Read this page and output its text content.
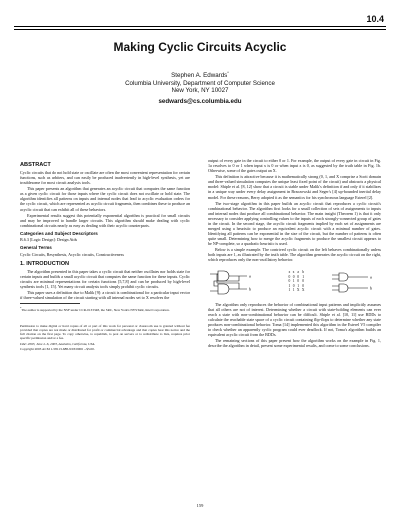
10.4
Making Cyclic Circuits Acyclic
Stephen A. Edwards*
Columbia University, Department of Computer Science
New York, NY 10027
sedwards@cs.columbia.edu
ABSTRACT

Cyclic circuits that do not hold state or oscillate are often the most convenient representation for certain functions, such as arbiters, and can easily be produced inadvertently in high-level synthesis, yet are troublesome for most circuit analysis tools.

This paper presents an algorithm that generates an acyclic circuit that computes the same function as a given cyclic circuit for those inputs where the cyclic circuit does not oscillate or hold state. The algorithm identifies all patterns on inputs and internal nodes that lead to acyclic evaluation orders for the cyclic circuit, which are represented as acyclic circuit fragments, then combines these to produce an acyclic circuit that can exhibit all of these behaviors.

Experimental results suggest this potentially exponential algorithm is practical for small circuits and may be improved to handle larger circuits. This algorithm should make dealing with cyclic combinational circuits nearly as easy as dealing with their acyclic counterparts.

Categories and Subject Descriptors

B.6.3 [Logic Design]: Design Aids

General Terms

Cyclic Circuits, Resynthesis, Acyclic circuits, Constructiveness

1. INTRODUCTION

The algorithm presented in this paper takes a cyclic circuit that neither oscillates nor holds state for certain inputs and builds a small acyclic circuit that computes the same function for these inputs. Cyclic circuits are minimal representations for certain functions [5,7,8] and can be produced by high-level synthesis tools [1, 15]. Yet many circuit analysis tools simply prohibit cyclic circuits.

This paper uses a definition due to Malik [9]: a circuit is combinational for a particular input vector if three-valued simulation of the circuit starting with all internal nodes set to X resolves the

*The author is supported by the NSF under CCR-0133348, the SRC, New York's NYSTAR, Intel Corporation.

Permission to make digital or hard copies of all or part of this work for personal or classroom use is granted without fee provided that copies are not made or distributed for profit or commercial advantage and that copies bear this notice and the full citation on the first page. To copy otherwise, to republish, to post on servers or to redistribute to lists, requires prior specific permission and/or a fee.

DAC 2003, June 2–6, 2003, Anaheim, California, USA.

Copyright 2003 ACM 1-58113-688-9/03/0006 ...$5.00.

output of every gate in the circuit to either 0 or 1. For example, the output of every gate in circuit in Fig. 1a resolves to 0 or 1 when input x is 0 or when input z is 0, as suggested by the truth table in Fig. 1b. Otherwise, some of the gates output an X.

This definition is attractive because it is mathematically strong (0, 1, and X comprise a Scott domain and three-valued simulation computes the unique least fixed point of the circuit) and abstracts a physical model: Shiple et al. [8, 12] show that a circuit is stable under Malik's definition if and only if it stabilizes in a unique way under every delay assignment in Brzozowski and Seger's [4] up-bounded inertial delay model. For these reasons, Berry adopted it as the semantics for his synchronous language Esterel [2].

The two-stage algorithm in this paper builds an acyclic circuit that reproduces a cyclic circuit's combinational behavior. The algorithm first looks for a small collection of sets of assignments to inputs and internal nodes that produce all combinational behavior. The main insight (Theorem 1) is that it only necessary to consider applying controlling values to the inputs of each strongly-connected group of gates in the circuit. In the second stage, the acyclic circuit fragments implied by each set of assignments are merged using a heuristic to produce an equivalent acyclic circuit with a minimal number of gates. Identifying all patterns can be exponential in the size of the circuit, but the number of patterns is often quite small. Determining how to merge the acyclic fragments to produce the smallest circuit appears to be NP-complete, so a quadratic heuristic is used.

Below is a simple example. The contrived cyclic circuit on the left behaves combinationally unless both inputs are 1, as illustrated by the truth table. The algorithm generates the acyclic circuit on the right, which reproduces only the non-oscillatory behavior.

a
b
x	z	a	b
0	0	0	1
0	1	0	0
1	0	1	0
1	1	X	X
a
b

The algorithm only reproduces the behavior of combinational input patterns and implicitly assumes that all others are not of interest. Determining whether a circuit with state-holding elements can ever reach a state with non-combinational behavior can be difficult. Shiple et al. [10, 11] use BDDs to calculate the reachable state space of a cyclic circuit containing flip-flops to determine whether any state produces non-combinational behavior. Toma [14] implemented this algorithm in the Esterel V5 compiler to check whether an apparently cyclic program could ever deadlock. If not, Toma's algorithm builds an equivalent acyclic circuit from the BDDs.

The remaining sections of this paper present how the algorithm works on the example in Fig. 1, describe the algorithm in detail, present some experimental results, and come to some conclusions.

159
